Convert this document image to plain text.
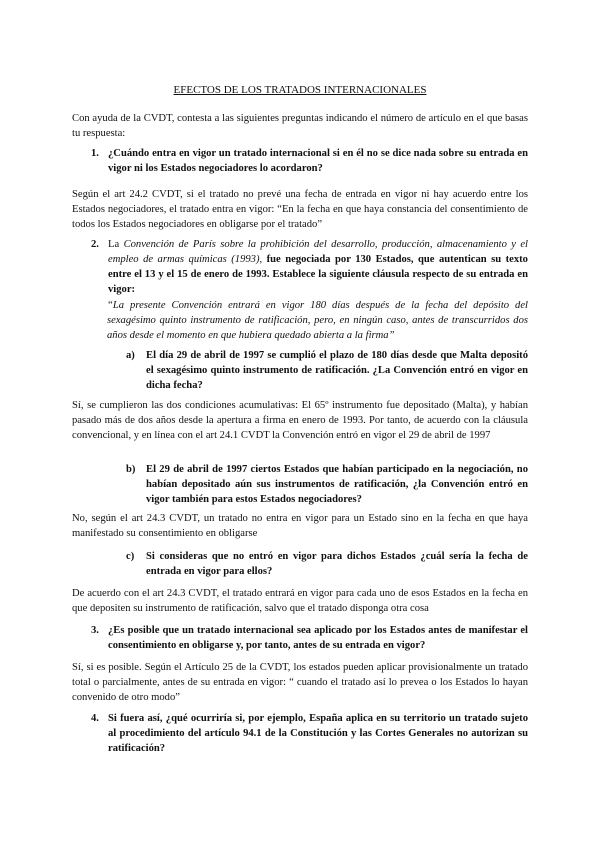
EFECTOS DE LOS TRATADOS INTERNACIONALES

Con ayuda de la CVDT, contesta a las siguientes preguntas indicando el número de artículo en el que basas tu respuesta:

1. ¿Cuándo entra en vigor un tratado internacional si en él no se dice nada sobre su entrada en vigor ni los Estados negociadores lo acordaron?

Según el art 24.2 CVDT, si el tratado no prevé una fecha de entrada en vigor ni hay acuerdo entre los Estados negociadores, el tratado entra en vigor: “En la fecha en que haya constancia del consentimiento de todos los Estados negociadores en obligarse por el tratado”

2. La Convención de París sobre la prohibición del desarrollo, producción, almacenamiento y el empleo de armas químicas (1993), fue negociada por 130 Estados, que autentican su texto entre el 13 y el 15 de enero de 1993. Establece la siguiente cláusula respecto de su entrada en vigor:

“La presente Convención entrará en vigor 180 días después de la fecha del depósito del sexagésimo quinto instrumento de ratificación, pero, en ningún caso, antes de transcurridos dos años desde el momento en que hubiera quedado abierta a la firma”

a) El día 29 de abril de 1997 se cumplió el plazo de 180 días desde que Malta depositó el sexagésimo quinto instrumento de ratificación. ¿La Convención entró en vigor en dicha fecha?

Sí, se cumplieron las dos condiciones acumulativas: El 65º instrumento fue depositado (Malta), y habían pasado más de dos años desde la apertura a firma en enero de 1993. Por tanto, de acuerdo con la cláusula convencional, y en línea con el art 24.1 CVDT la Convención entró en vigor el 29 de abril de 1997

b) El 29 de abril de 1997 ciertos Estados que habían participado en la negociación, no habían depositado aún sus instrumentos de ratificación, ¿la Convención entró en vigor también para estos Estados negociadores?

No, según el art 24.3 CVDT, un tratado no entra en vigor para un Estado sino en la fecha en que haya manifestado su consentimiento en obligarse

c) Si consideras que no entró en vigor para dichos Estados ¿cuál sería la fecha de entrada en vigor para ellos?

De acuerdo con el art 24.3 CVDT, el tratado entrará en vigor para cada uno de esos Estados en la fecha en que depositen su instrumento de ratificación, salvo que el tratado disponga otra cosa

3. ¿Es posible que un tratado internacional sea aplicado por los Estados antes de manifestar el consentimiento en obligarse y, por tanto, antes de su entrada en vigor?

Sí, si es posible. Según el Artículo 25 de la CVDT, los estados pueden aplicar provisionalmente un tratado total o parcialmente, antes de su entrada en vigor: “ cuando el tratado así lo prevea o los Estados lo hayan convenido de otro modo”

4. Si fuera así, ¿qué ocurriría si, por ejemplo, España aplica en su territorio un tratado sujeto al procedimiento del artículo 94.1 de la Constitución y las Cortes Generales no autorizan su ratificación?
